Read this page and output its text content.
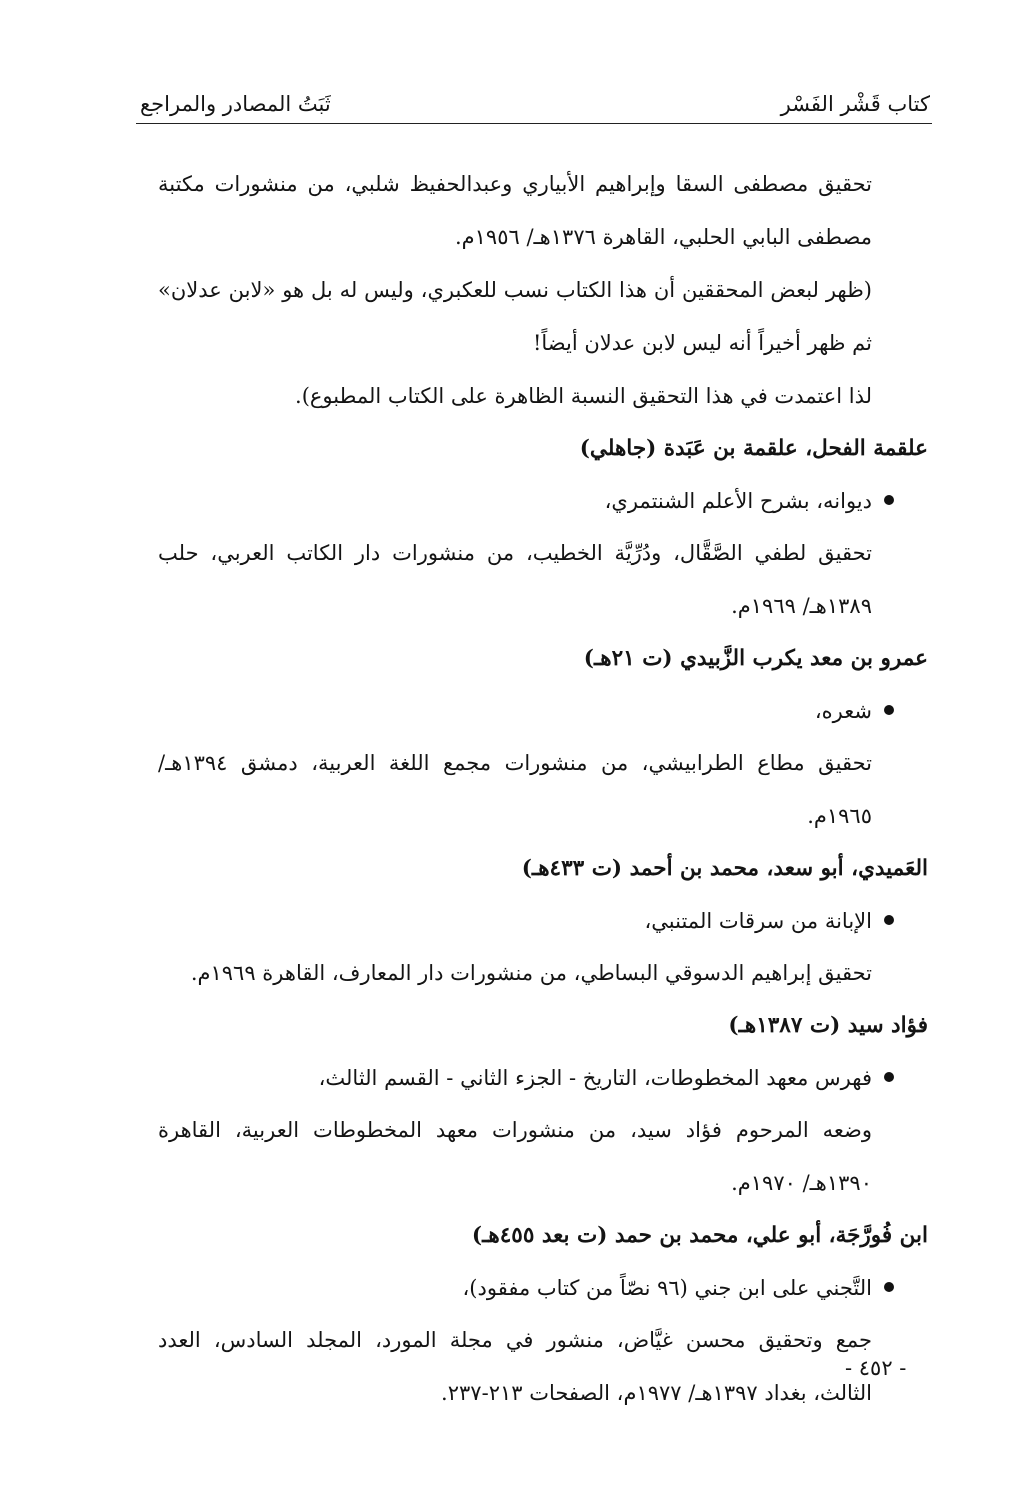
كتاب قَشْر الفَسْر
ثَبَتُ المصادر والمراجع

تحقيق مصطفى السقا وإبراهيم الأبياري وعبدالحفيظ شلبي، من منشورات مكتبة مصطفى البابي الحلبي، القاهرة ١٣٧٦هـ/ ١٩٥٦م.

(ظهر لبعض المحققين أن هذا الكتاب نسب للعكبري، وليس له بل هو «لابن عدلان» ثم ظهر أخيراً أنه ليس لابن عدلان أيضاً!

لذا اعتمدت في هذا التحقيق النسبة الظاهرة على الكتاب المطبوع).

علقمة الفحل، علقمة بن عَبَدة (جاهلي)

ديوانه، بشرح الأعلم الشنتمري،

تحقيق لطفي الصَّقَّال، ودُرِّيَّة الخطيب، من منشورات دار الكاتب العربي، حلب ١٣٨٩هـ/ ١٩٦٩م.

عمرو بن معد يكرب الزَّبيدي (ت ٢١هـ)

شعره،

تحقيق مطاع الطرابيشي، من منشورات مجمع اللغة العربية، دمشق ١٣٩٤هـ/ ١٩٦٥م.

العَميدي، أبو سعد، محمد بن أحمد (ت ٤٣٣هـ)

الإبانة من سرقات المتنبي،

تحقيق إبراهيم الدسوقي البساطي، من منشورات دار المعارف، القاهرة ١٩٦٩م.

فؤاد سيد (ت ١٣٨٧هـ)

فهرس معهد المخطوطات، التاريخ - الجزء الثاني - القسم الثالث،

وضعه المرحوم فؤاد سيد، من منشورات معهد المخطوطات العربية، القاهرة ١٣٩٠هـ/ ١٩٧٠م.

ابن فُورَّجَة، أبو علي، محمد بن حمد (ت بعد ٤٥٥هـ)

التَّجني على ابن جني (٩٦ نصّاً من كتاب مفقود)،

جمع وتحقيق محسن غيَّاض، منشور في مجلة المورد، المجلد السادس، العدد الثالث، بغداد ١٣٩٧هـ/ ١٩٧٧م، الصفحات ٢١٣-٢٣٧.

- ٤٥٢ -
